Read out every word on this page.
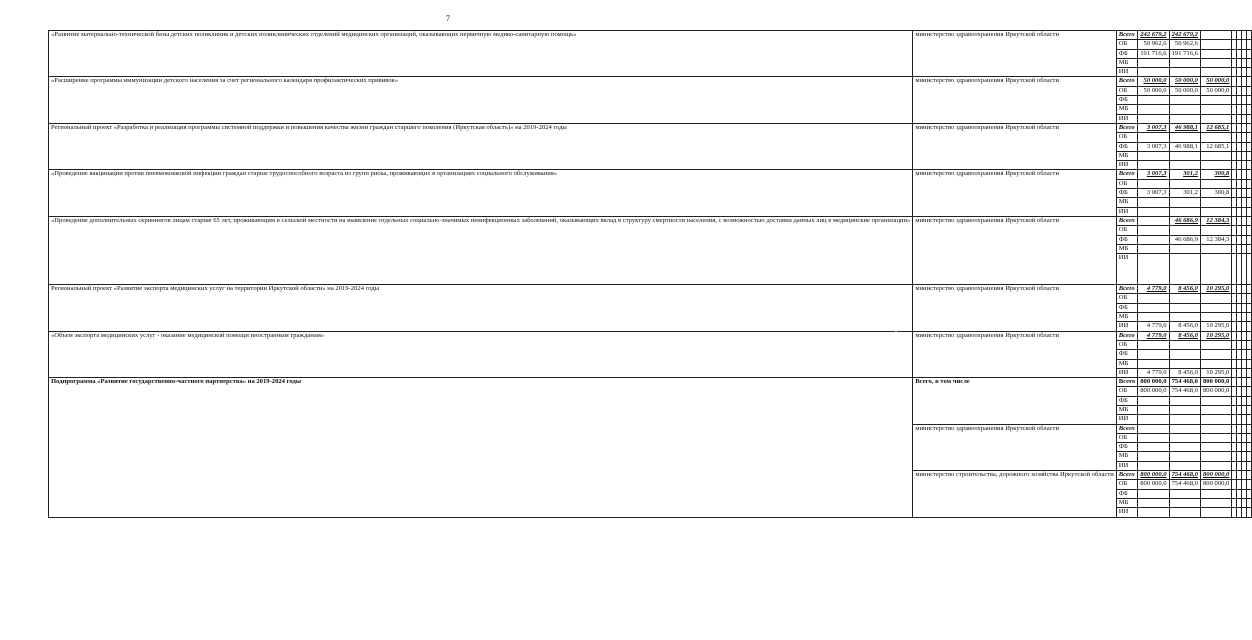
7
«Развитие материально-технической базы детских поликлиник и детских поликлинических отделений медицинских организаций, оказывающих первичную медико-санитарную помощь»	министерство здравоохранения Иркутской области	Всего	242 679,2	242 679,2					
		ОБ	50 962,6	50 962,6					
		ФБ	191 716,6	191 716,6					
		МБ							
		ИИ							
«Расширение программы иммунизации детского населения за счет регионального календаря профилактических прививок»	министерство здравоохранения Иркутской области	Всего	50 000,0	50 000,0	50 000,0				
		ОБ	50 000,0	50 000,0	50 000,0				
		ФБ							
		МБ							
		ИИ							
Региональный проект «Разработка и реализация программы системной поддержки и повышения качества жизни граждан старшего поколения (Иркутская область)» на 2019-2024 годы	министерство здравоохранения Иркутской области	Всего	3 007,3	46 988,1	12 685,1				
		ОБ							
		ФБ	3 007,3	46 988,1	12 685,1				
		МБ							
		ИИ							
«Проведение вакцинации против пневмококковой инфекции граждан старше трудоспособного возраста из групп риска, проживающих в организациях социального обслуживания»	министерство здравоохранения Иркутской области	Всего	3 007,3	301,2	300,8				
		ОБ							
		ФБ	3 007,3	301,2	300,8				
		МБ							
		ИИ							
«Проведение дополнительных скринингов лицам старше 65 лет, проживающим в сельской местности на выявление отдельных социально-значимых неинфекционных заболеваний, оказывающих вклад в структуру смертности населения, с возможностью доставки данных лиц в медицинские организации»	министерство здравоохранения Иркутской области	Всего		46 686,9	12 384,3				
		ОБ							
		ФБ		46 686,9	12 384,3				
		МБ							
		ИИ							
Региональный проект «Развитие экспорта медицинских услуг на территории Иркутской области» на 2019-2024 годы	министерство здравоохранения Иркутской области	Всего	4 779,0	8 456,0	10 295,0				
		ОБ							
		ФБ							
		МБ							
		ИИ	4 779,0	8 456,0	10 295,0				
«Объем экспорта медицинских услуг - оказание медицинской помощи иностранным гражданам»	министерство здравоохранения Иркутской области	Всего	4 779,0	8 456,0	10 295,0				
		ОБ							
		ФБ							
		МБ							
		ИИ	4 779,0	8 456,0	10 295,0				
Подпрограмма «Развитие государственно-частного партнерства» на 2019-2024 годы	Всего, в том числе	Всего	800 000,0	754 468,0	800 000,0				
		ОБ	800 000,0	754 468,0	800 000,0				
		ФБ							
		МБ							
		ИИ							
	министерство здравоохранения Иркутской области	Всего							
		ОБ							
		ФБ							
		МБ							
		ИИ							
	министерство строительства, дорожного хозяйства Иркутской области	Всего	800 000,0	754 468,0	800 000,0				
		ОБ	800 000,0	754 468,0	800 000,0				
		ФБ							
		МБ							
		ИИ							
